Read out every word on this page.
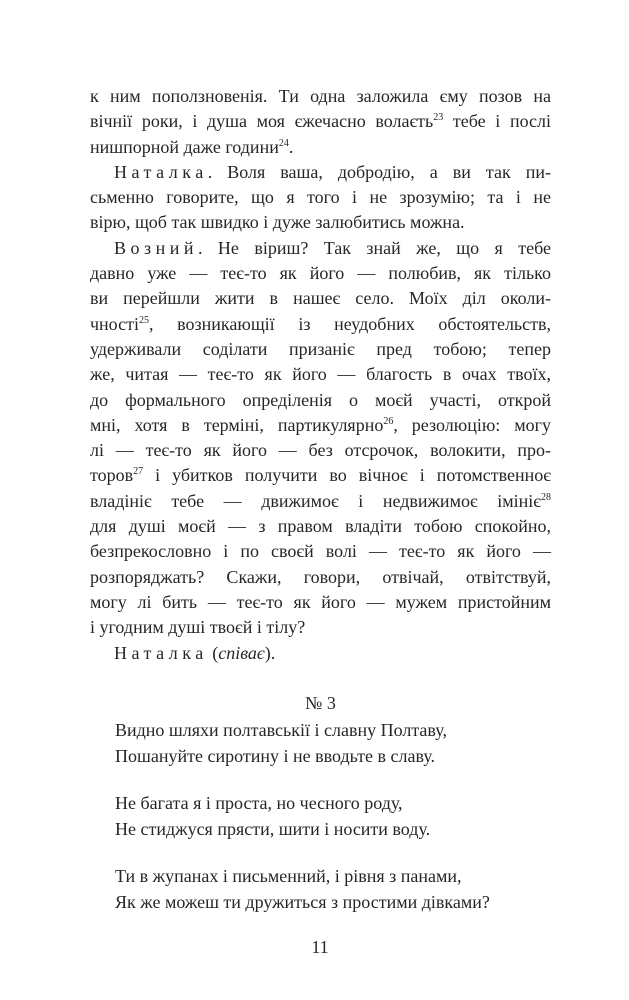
к ним поползновенія. Ти одна заложила єму позов на
вічнії роки, і душа моя єжечасно волаєть$^{23}$ тебе і послі
нишпорной даже години$^{24}$.
Наталка. Воля ваша, добродію, а ви так пи-
сьменно говорите, що я того і не зрозумію; та і не
вірю, щоб так швидко і дуже залюбитись можна.
Возний. Не віриш? Так знай же, що я тебе
давно уже — теє-то як його — полюбив, як тілько
ви перейшли жити в нашеє село. Моїх діл околи-
чності$^{25}$, возникающії із неудобних обстоятельств,
удерживали соділати призаніє пред тобою; тепер
же, читая — теє-то як його — благость в очах твоїх,
до формального опреділенія о моєй участі, открой
мні, хотя в терміні, партикулярно$^{26}$, резолюцію: могу
лі — теє-то як його — без отсрочок, волокити, про-
торов$^{27}$ і убитков получити во вічноє і потомственноє
владініє тебе — движимоє і недвижимоє імініє$^{28}$
для душі моєй — з правом владіти тобою спокойно,
безпрекословно і по своєй волі — теє-то як його —
розпоряджать? Скажи, говори, отвічай, отвітствуй,
могу лі бить — теє-то як його — мужем пристойним
і угодним душі твоєй і тілу?
Наталка (співає).
№ 3
Видно шляхи полтавськії і славну Полтаву,
Пошануйте сиротину і не вводьте в славу.
Не багата я і проста, но чесного роду,
Не стиджуся прясти, шити і носити воду.
Ти в жупанах і письменний, і рівня з панами,
Як же можеш ти дружиться з простими дівками?
11
